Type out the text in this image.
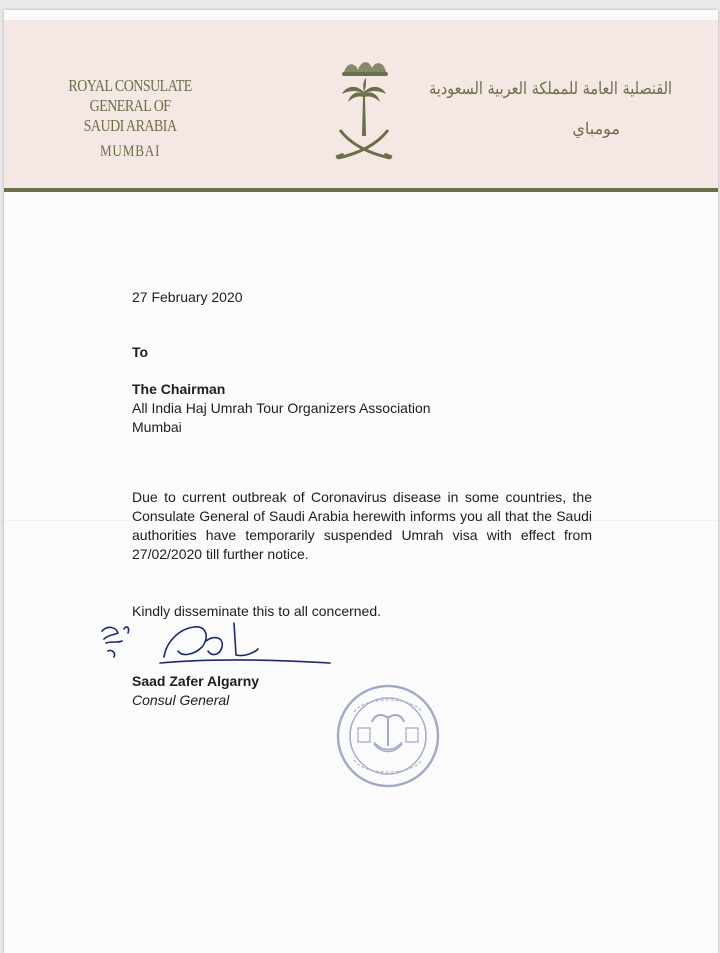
ROYAL CONSULATE GENERAL OF
SAUDI ARABIA
MUMBAI
القنصلية العامة للمملكة العربية السعودية
مومباي
27 February 2020
To
The Chairman
All India Haj Umrah Tour Organizers Association
Mumbai
Due to current outbreak of Coronavirus disease in some countries, the Consulate General of Saudi Arabia herewith informs you all that the Saudi authorities have temporarily suspended Umrah visa with effect from 27/02/2020 till further notice.
Kindly disseminate this to all concerned.
Saad Zafer Algarny
Consul General
